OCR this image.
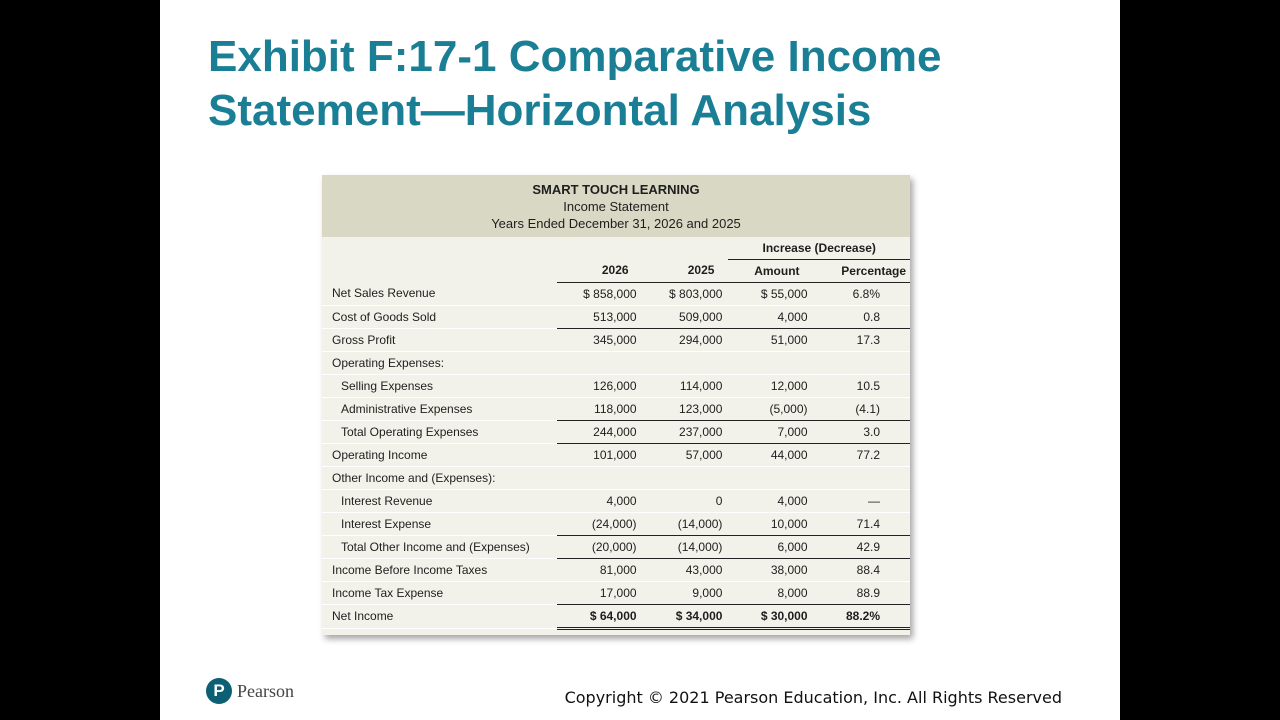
Exhibit F:17-1 Comparative Income Statement—Horizontal Analysis
SMART TOUCH LEARNING
Income Statement
Years Ended December 31, 2026 and 2025
			Increase (Decrease)	
	2026	2025	Amount	Percentage
Net Sales Revenue	$ 858,000	$ 803,000	$ 55,000	6.8%
Cost of Goods Sold	513,000	509,000	4,000	0.8
Gross Profit	345,000	294,000	51,000	17.3
Operating Expenses:				
Selling Expenses	126,000	114,000	12,000	10.5
Administrative Expenses	118,000	123,000	(5,000)	(4.1)
Total Operating Expenses	244,000	237,000	7,000	3.0
Operating Income	101,000	57,000	44,000	77.2
Other Income and (Expenses):				
Interest Revenue	4,000	0	4,000	—
Interest Expense	(24,000)	(14,000)	10,000	71.4
Total Other Income and (Expenses)	(20,000)	(14,000)	6,000	42.9
Income Before Income Taxes	81,000	43,000	38,000	88.4
Income Tax Expense	17,000	9,000	8,000	88.9
Net Income	$ 64,000	$ 34,000	$ 30,000	88.2%
P Pearson	Copyright © 2021 Pearson Education, Inc. All Rights Reserved
